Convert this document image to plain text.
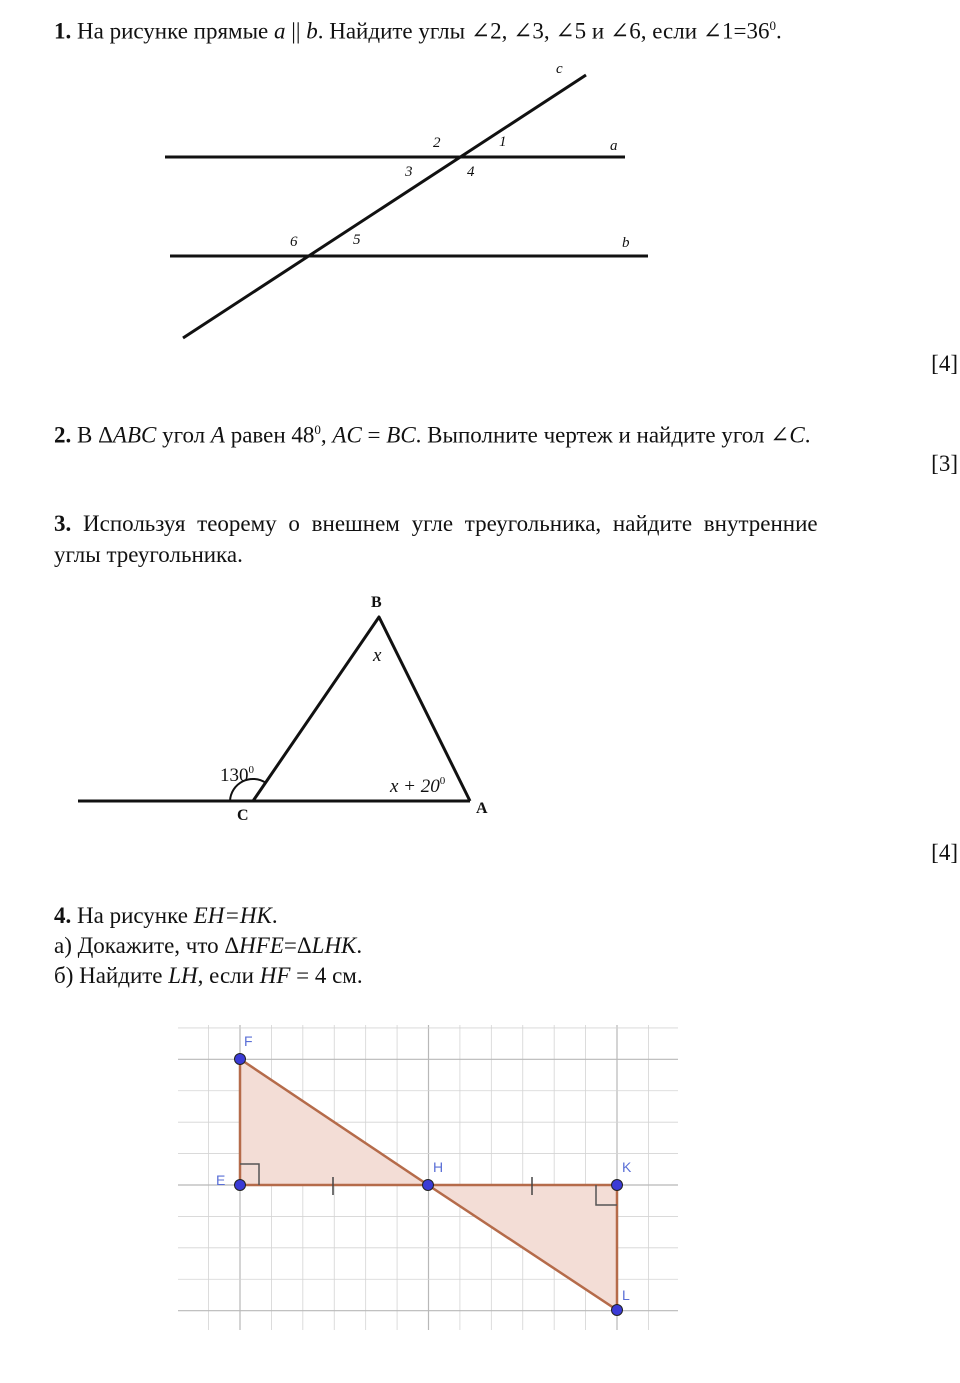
1. На рисунке прямые a || b. Найдите углы ∠2, ∠3, ∠5 и ∠6, если $\angle 1=36^0$.
c
a
b
1
2
3	4
5
6
[4]
2. В ΔABC угол A равен $48^0$, AC = BC. Выполните чертеж и найдите угол ∠C.
[3]
3. Используя теорему о внешнем угле треугольника, найдите внутренние
углы треугольника.
B
C	A
x
$130^0$
$x + 20^0$
[4]
4. На рисунке EH=HK.
а) Докажите, что ΔHFE=ΔLHK.
б) Найдите LH, если HF = 4 см.
F
E
H	K
L
